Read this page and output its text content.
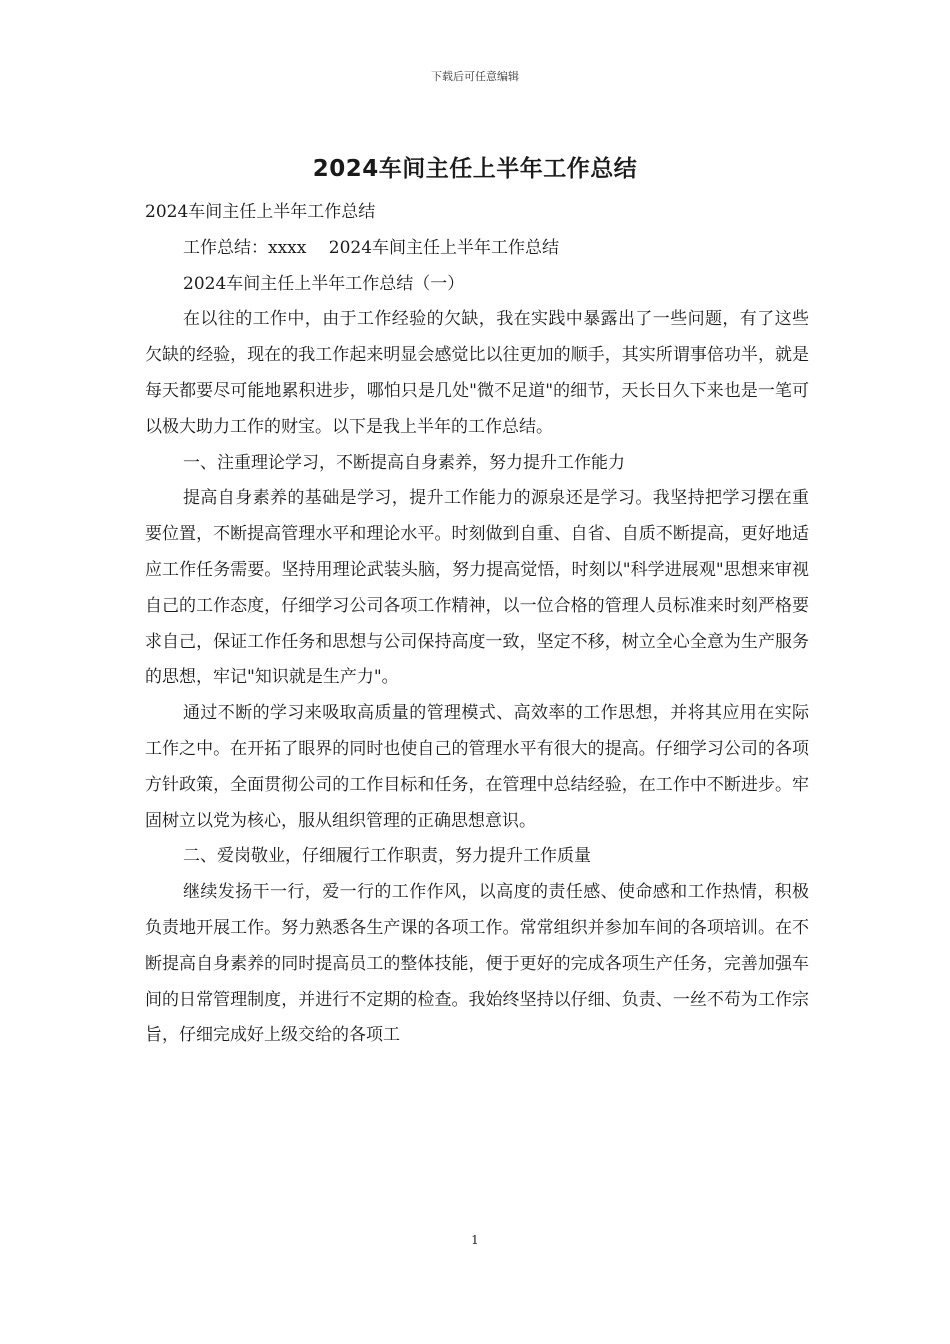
下载后可任意编辑
2024车间主任上半年工作总结

2024车间主任上半年工作总结

工作总结：xxxx　 2024车间主任上半年工作总结

2024车间主任上半年工作总结（一）

在以往的工作中，由于工作经验的欠缺，我在实践中暴露出了一些问题，有了这些欠缺的经验，现在的我工作起来明显会感觉比以往更加的顺手，其实所谓事倍功半，就是每天都要尽可能地累积进步，哪怕只是几处"微不足道"的细节，天长日久下来也是一笔可以极大助力工作的财宝。以下是我上半年的工作总结。

一、注重理论学习，不断提高自身素养，努力提升工作能力

提高自身素养的基础是学习，提升工作能力的源泉还是学习。我坚持把学习摆在重要位置，不断提高管理水平和理论水平。时刻做到自重、自省、自质不断提高，更好地适应工作任务需要。坚持用理论武装头脑，努力提高觉悟，时刻以"科学进展观"思想来审视自己的工作态度，仔细学习公司各项工作精神，以一位合格的管理人员标准来时刻严格要求自己，保证工作任务和思想与公司保持高度一致，坚定不移，树立全心全意为生产服务的思想，牢记"知识就是生产力"。

通过不断的学习来吸取高质量的管理模式、高效率的工作思想，并将其应用在实际工作之中。在开拓了眼界的同时也使自己的管理水平有很大的提高。仔细学习公司的各项方针政策，全面贯彻公司的工作目标和任务，在管理中总结经验，在工作中不断进步。牢固树立以党为核心，服从组织管理的正确思想意识。

二、爱岗敬业，仔细履行工作职责，努力提升工作质量

继续发扬干一行，爱一行的工作作风，以高度的责任感、使命感和工作热情，积极负责地开展工作。努力熟悉各生产课的各项工作。常常组织并参加车间的各项培训。在不断提高自身素养的同时提高员工的整体技能，便于更好的完成各项生产任务，完善加强车间的日常管理制度，并进行不定期的检查。我始终坚持以仔细、负责、一丝不苟为工作宗旨，仔细完成好上级交给的各项工

1
